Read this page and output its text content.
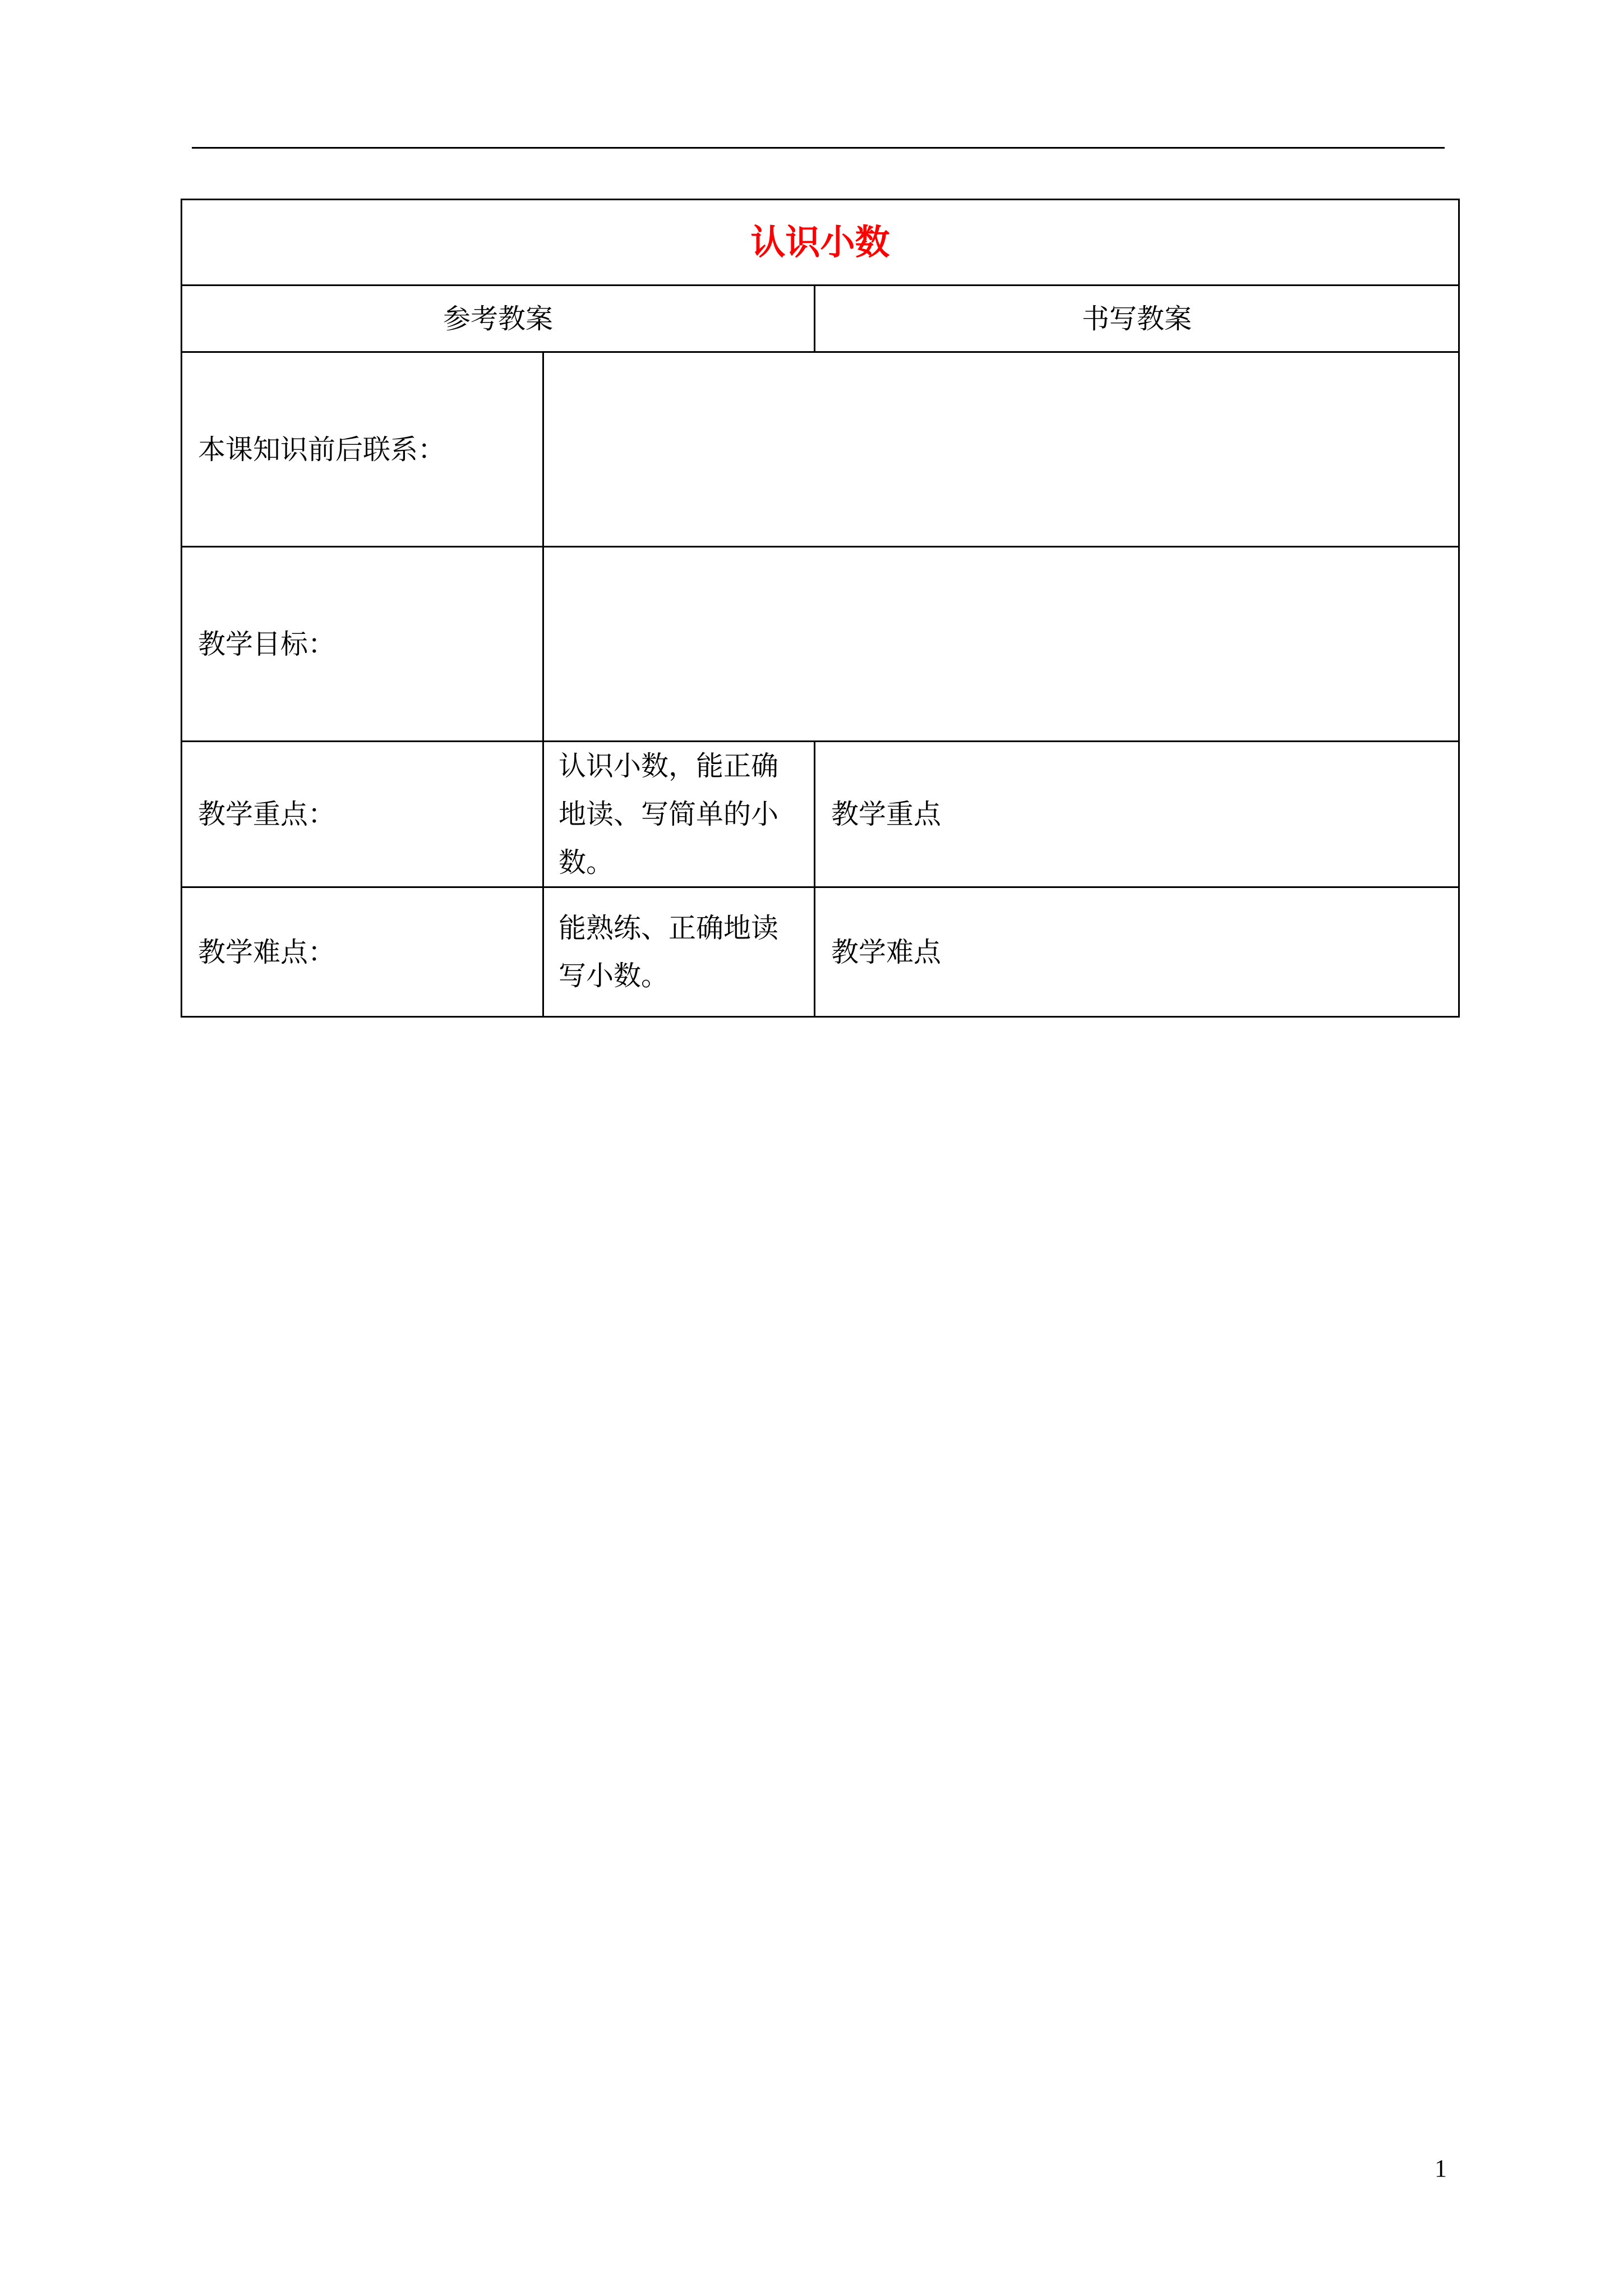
认识小数		
参考教案		书写教案
本课知识前后联系：		
教学目标：		
教学重点：	认识小数，能正确地读、写简单的小数。	教学重点
教学难点：	能熟练、正确地读写小数。	教学难点
1
